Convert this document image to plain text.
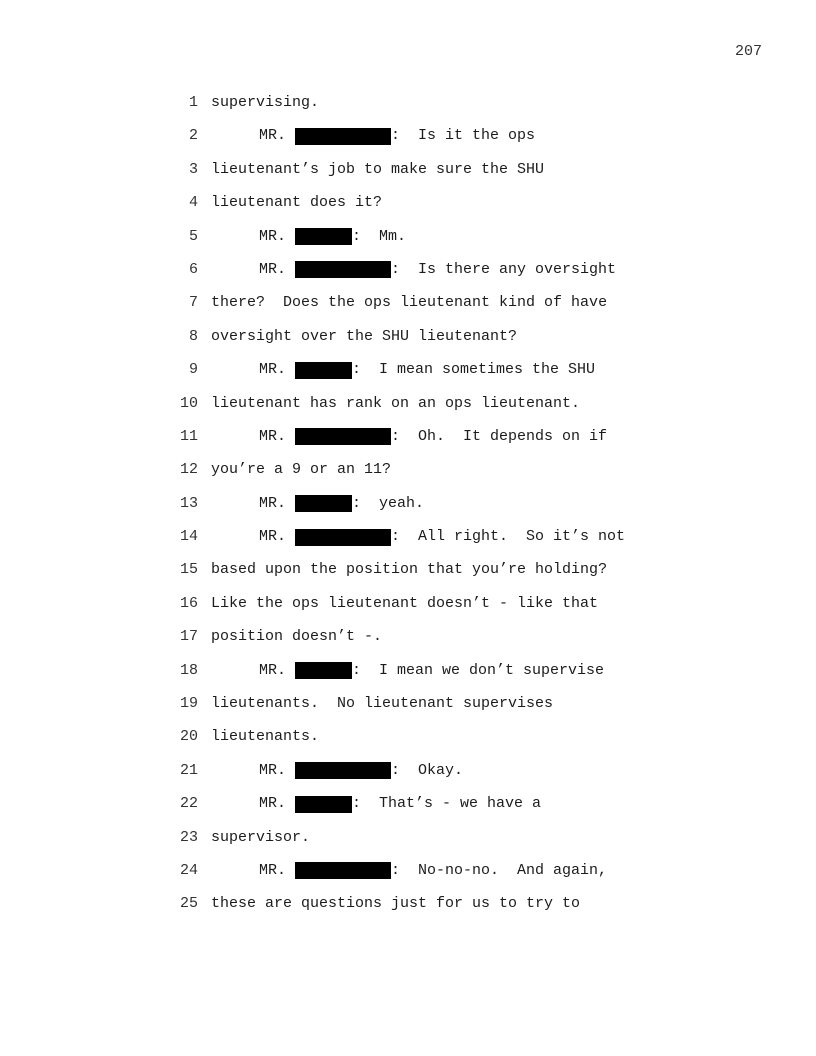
207
1 supervising.
2	MR.	:  Is it the ops
3 lieutenant’s job to make sure the SHU
4 lieutenant does it?
5	MR.	:  Mm.
6	MR.	:  Is there any oversight
7 there?  Does the ops lieutenant kind of have
8 oversight over the SHU lieutenant?
9	MR.	:  I mean sometimes the SHU
10 lieutenant has rank on an ops lieutenant.
11	MR.	:  Oh.  It depends on if
12 you’re a 9 or an 11?
13	MR.	:  yeah.
14	MR.	:  All right.  So it’s not
15 based upon the position that you’re holding?
16 Like the ops lieutenant doesn’t - like that
17 position doesn’t -.
18	MR.	:  I mean we don’t supervise
19 lieutenants.  No lieutenant supervises
20 lieutenants.
21	MR.	:  Okay.
22	MR.	:  That’s - we have a
23 supervisor.
24	MR.	:  No-no-no.  And again,
25 these are questions just for us to try to
